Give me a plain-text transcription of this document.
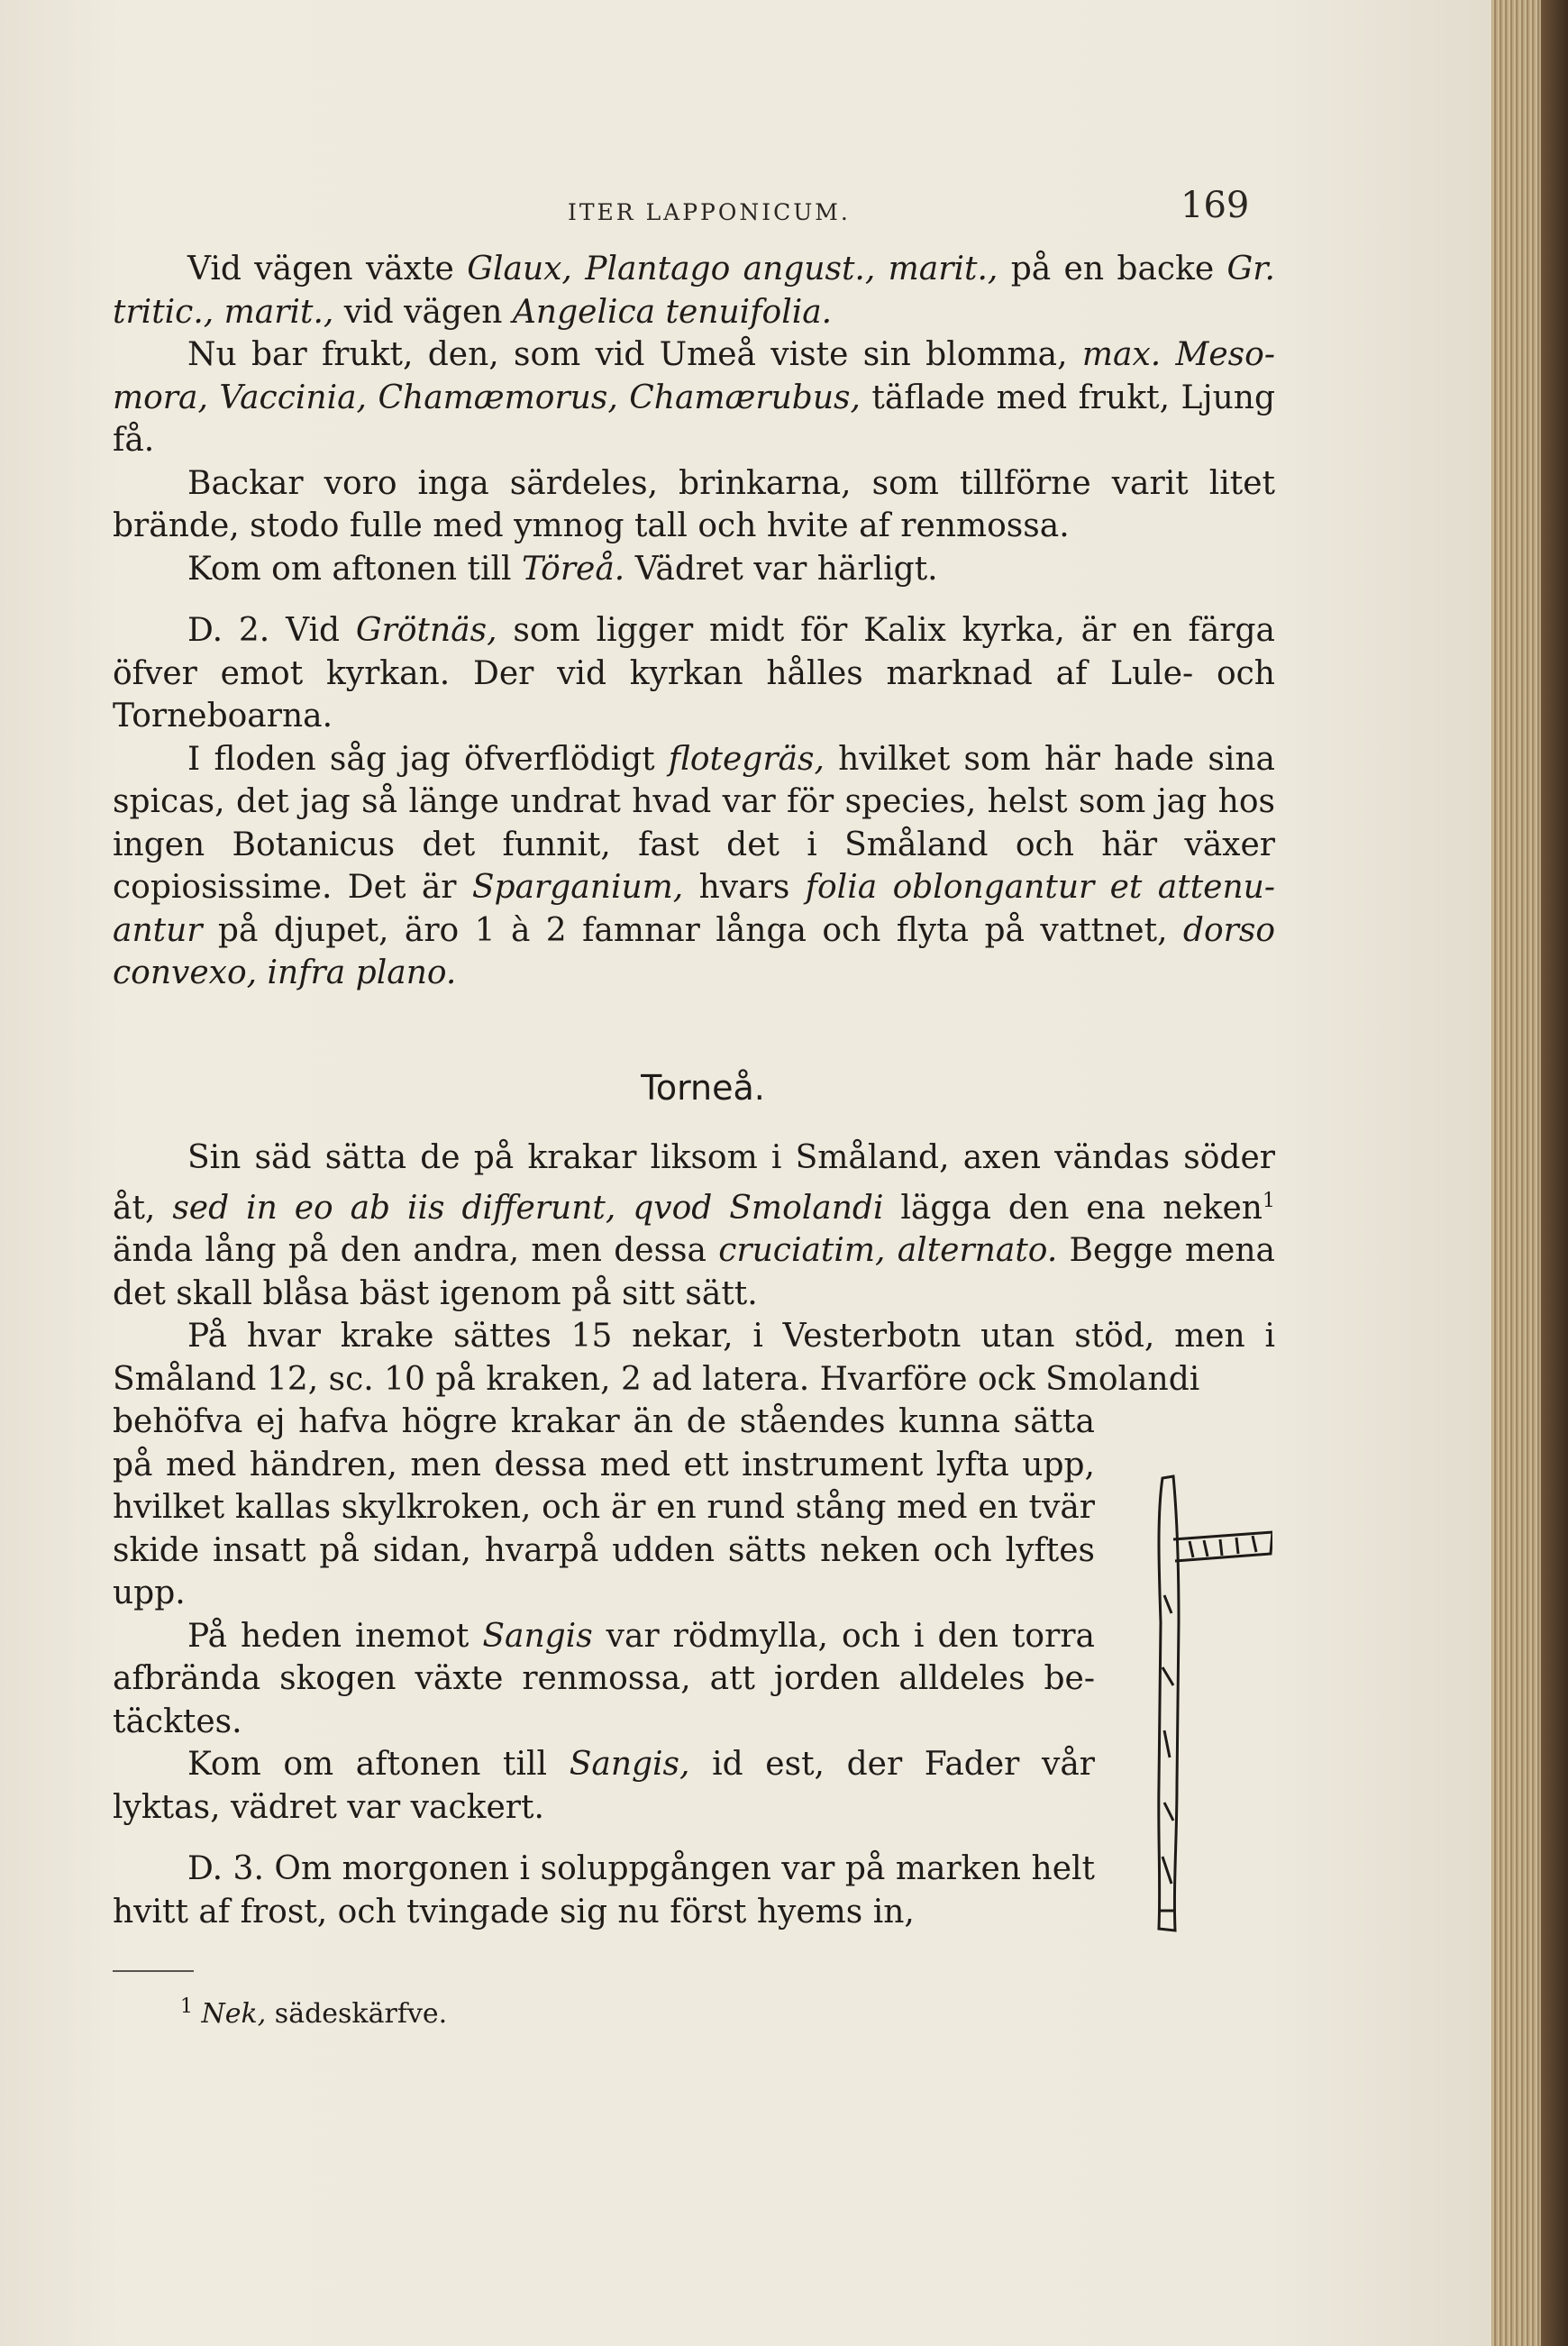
ITER LAPPONICUM.	169

Vid vägen växte Glaux, Plantago angust., marit., på en backe Gr. tritic., marit., vid vägen Angelica tenuifolia.

Nu bar frukt, den, som vid Umeå viste sin blomma, max. Meso-mora, Vaccinia, Chamæmorus, Chamærubus, täflade med frukt, Ljung få.

Backar voro inga särdeles, brinkarna, som tillförne varit litet brände, stodo fulle med ymnog tall och hvite af renmossa.

Kom om aftonen till Töreå. Vädret var härligt.

D. 2. Vid Grötnäs, som ligger midt för Kalix kyrka, är en färga öfver emot kyrkan. Der vid kyrkan hålles marknad af Lule- och Torneboarna.

I floden såg jag öfverflödigt flotegräs, hvilket som här hade sina spicas, det jag så länge undrat hvad var för species, helst som jag hos ingen Botanicus det funnit, fast det i Småland och här växer copiosissime. Det är Sparganium, hvars folia oblongantur et attenu-antur på djupet, äro 1 à 2 famnar långa och flyta på vattnet, dorso convexo, infra plano.

Torneå.

Sin säd sätta de på krakar liksom i Småland, axen vändas söder åt, sed in eo ab iis differunt, qvod Smolandi lägga den ena neken$^1$ ända lång på den andra, men dessa cruciatim, alternato. Begge mena det skall blåsa bäst igenom på sitt sätt.

På hvar krake sättes 15 nekar, i Vesterbotn utan stöd, men i Småland 12, sc. 10 på kraken, 2 ad latera. Hvarföre ock Smolandi

behöfva ej hafva högre krakar än de ståendes kunna sätta på med händren, men dessa med ett instrument lyfta upp, hvilket kallas skylkroken, och är en rund stång med en tvär skide insatt på sidan, hvarpå udden sätts neken och lyftes upp.

På heden inemot Sangis var rödmylla, och i den torra afbrända skogen växte renmossa, att jorden alldeles be-täcktes.

Kom om aftonen till Sangis, id est, der Fader vår lyktas, vädret var vackert.

D. 3. Om morgonen i soluppgången var på marken helt hvitt af frost, och tvingade sig nu först hyems in,

$^1$ Nek, sädeskärfve.
